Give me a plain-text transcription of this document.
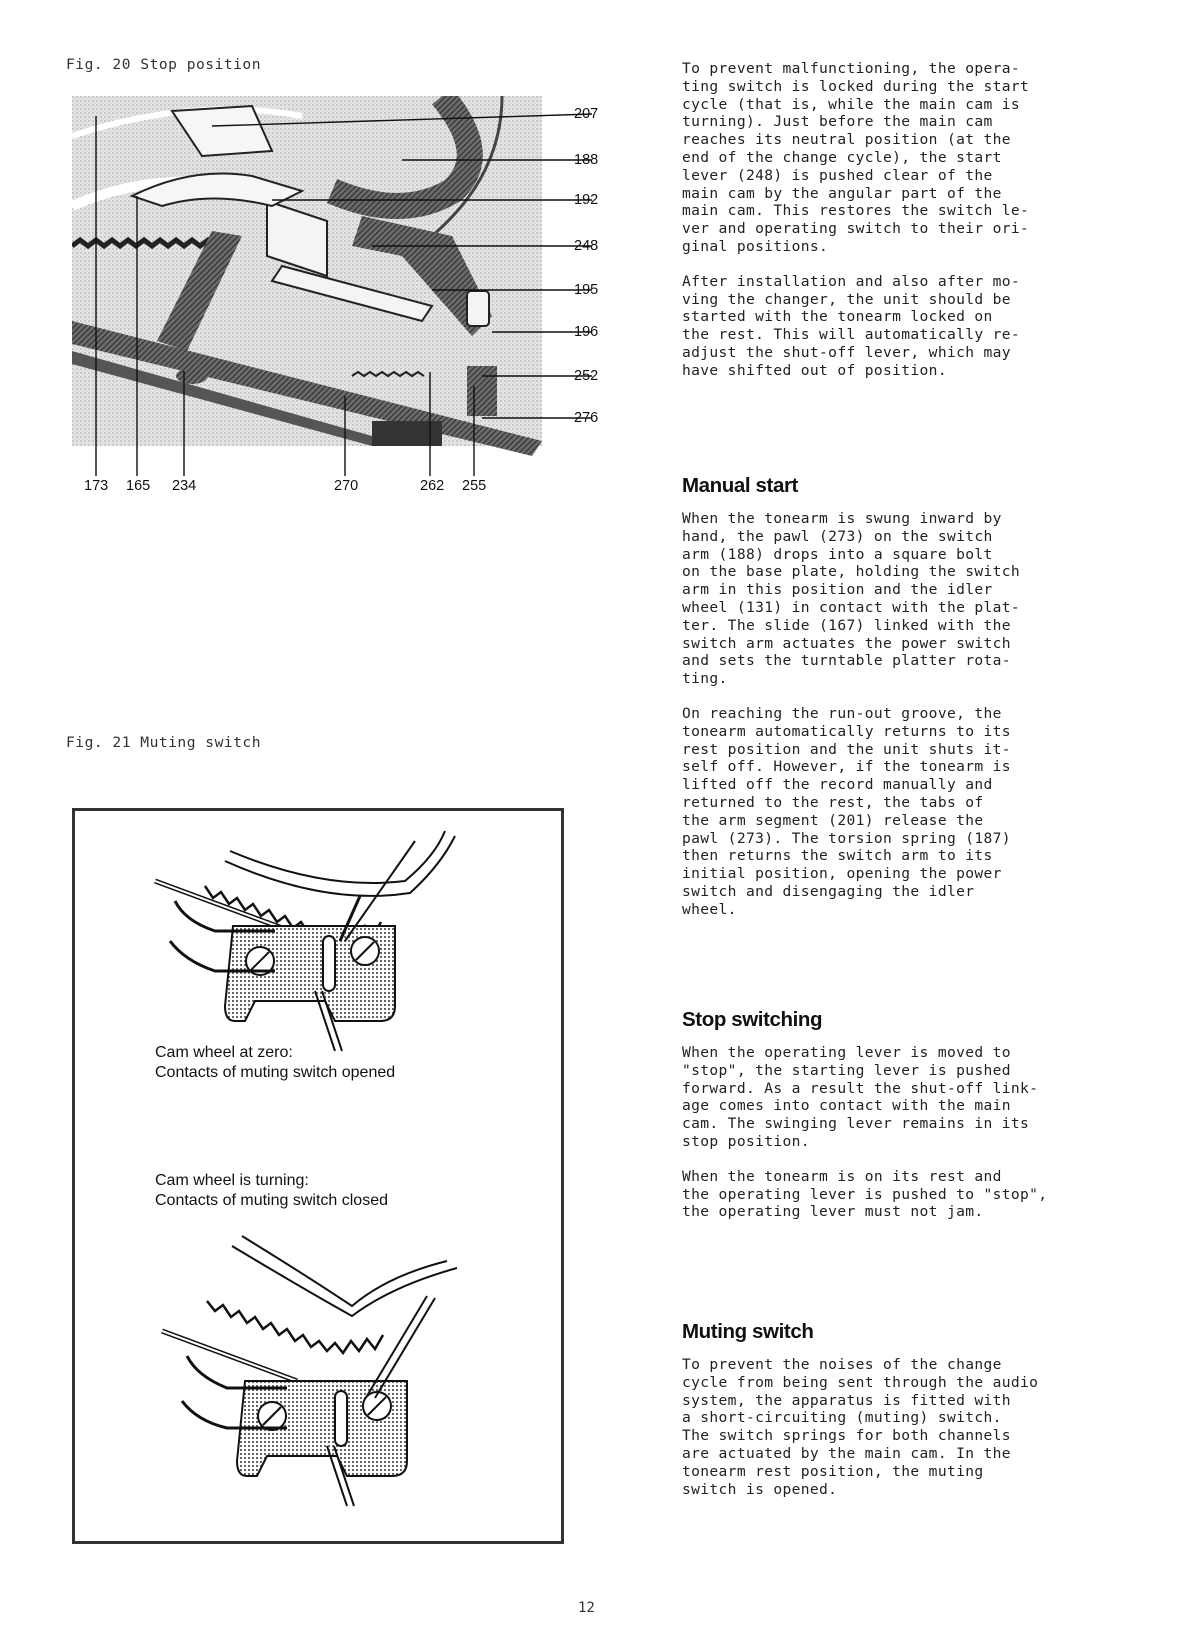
Fig. 20 Stop position
207
188
192
248
195
196
252
276
173 165 234	270	262 255
Fig. 21 Muting switch
Cam wheel at zero:
Contacts of muting switch opened
Cam wheel is turning:
Contacts of muting switch closed

To prevent malfunctioning, the opera-
ting switch is locked during the start
cycle (that is, while the main cam is
turning). Just before the main cam
reaches its neutral position (at the
end of the change cycle), the start
lever (248) is pushed clear of the
main cam by the angular part of the
main cam. This restores the switch le-
ver and operating switch to their ori-
ginal positions.

After installation and also after mo-
ving the changer, the unit should be
started with the tonearm locked on
the rest. This will automatically re-
adjust the shut-off lever, which may
have shifted out of position.

Manual start

When the tonearm is swung inward by
hand, the pawl (273) on the switch
arm (188) drops into a square bolt
on the base plate, holding the switch
arm in this position and the idler
wheel (131) in contact with the plat-
ter. The slide (167) linked with the
switch arm actuates the power switch
and sets the turntable platter rota-
ting.

On reaching the run-out groove, the
tonearm automatically returns to its
rest position and the unit shuts it-
self off. However, if the tonearm is
lifted off the record manually and
returned to the rest, the tabs of
the arm segment (201) release the
pawl (273). The torsion spring (187)
then returns the switch arm to its
initial position, opening the power
switch and disengaging the idler
wheel.

Stop switching

When the operating lever is moved to
"stop", the starting lever is pushed
forward. As a result the shut-off link-
age comes into contact with the main
cam. The swinging lever remains in its
stop position.

When the tonearm is on its rest and
the operating lever is pushed to "stop",
the operating lever must not jam.

Muting switch

To prevent the noises of the change
cycle from being sent through the audio
system, the apparatus is fitted with
a short-circuiting (muting) switch.
The switch springs for both channels
are actuated by the main cam. In the
tonearm rest position, the muting
switch is opened.

12
